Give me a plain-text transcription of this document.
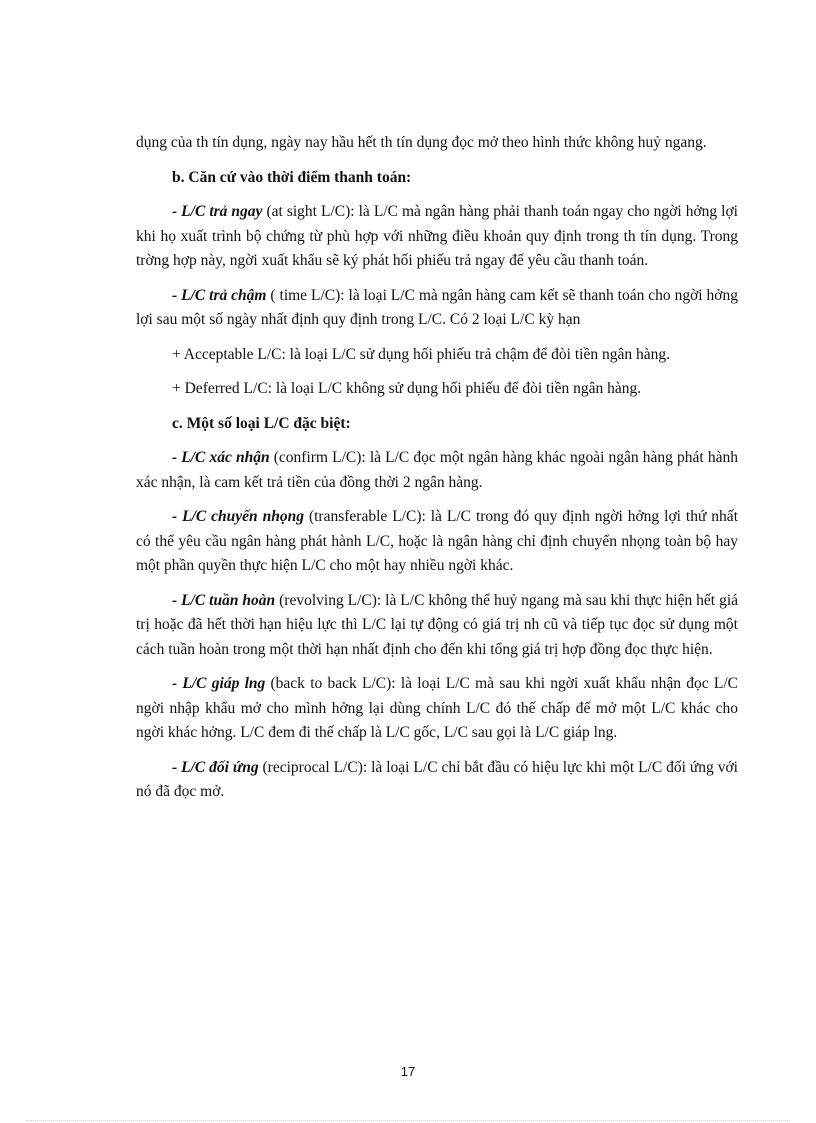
dụng của th tín dụng, ngày nay hầu hết th tín dụng đọc mở theo hình thức không huỷ ngang.

b. Căn cứ vào thời điểm thanh toán:

- L/C trả ngay (at sight L/C): là L/C mà ngân hàng phải thanh toán ngay cho ngời hởng lợi khi họ xuất trình bộ chứng từ phù hợp với những điều khoản quy định trong th tín dụng. Trong trờng hợp này, ngời xuất khẩu sẽ ký phát hối phiếu trả ngay để yêu cầu thanh toán.

- L/C trả chậm ( time L/C): là loại L/C mà ngân hàng cam kết sẽ thanh toán cho ngời hởng lợi sau một số ngày nhất định quy định trong L/C. Có 2 loại L/C kỳ hạn

+ Acceptable L/C: là loại L/C sử dụng hối phiếu trả chậm để đòi tiền ngân hàng.

+ Deferred L/C: là loại L/C không sử dụng hối phiếu để đòi tiền ngân hàng.

c. Một số loại L/C đặc biệt:

- L/C xác nhận (confirm L/C): là L/C đọc một ngân hàng khác ngoài ngân hàng phát hành xác nhận, là cam kết trả tiền của đồng thời 2 ngân hàng.

- L/C chuyển nhọng (transferable L/C): là L/C trong đó quy định ngời hởng lợi thứ nhất có thể yêu cầu ngân hàng phát hành L/C, hoặc là ngân hàng chỉ định chuyển nhọng toàn bộ hay một phần quyền thực hiện L/C cho một hay nhiều ngời khác.

- L/C tuần hoàn (revolving L/C): là L/C không thể huỷ ngang mà sau khi thực hiện hết giá trị hoặc đã hết thời hạn hiệu lực thì L/C lại tự động có giá trị nh cũ và tiếp tục đọc sử dụng một cách tuần hoàn trong một thời hạn nhất định cho đến khi tổng giá trị hợp đồng đọc thực hiện.

- L/C giáp lng (back to back L/C): là loại L/C mà sau khi ngời xuất khẩu nhận đọc L/C ngời nhập khẩu mở cho mình hởng lại dùng chính L/C đó thế chấp để mở một L/C khác cho ngời khác hởng. L/C đem đi thế chấp là L/C gốc, L/C sau gọi là L/C giáp lng.

- L/C đối ứng (reciprocal L/C): là loại L/C chỉ bắt đầu có hiệu lực khi một L/C đối ứng với nó đã đọc mở.

17
